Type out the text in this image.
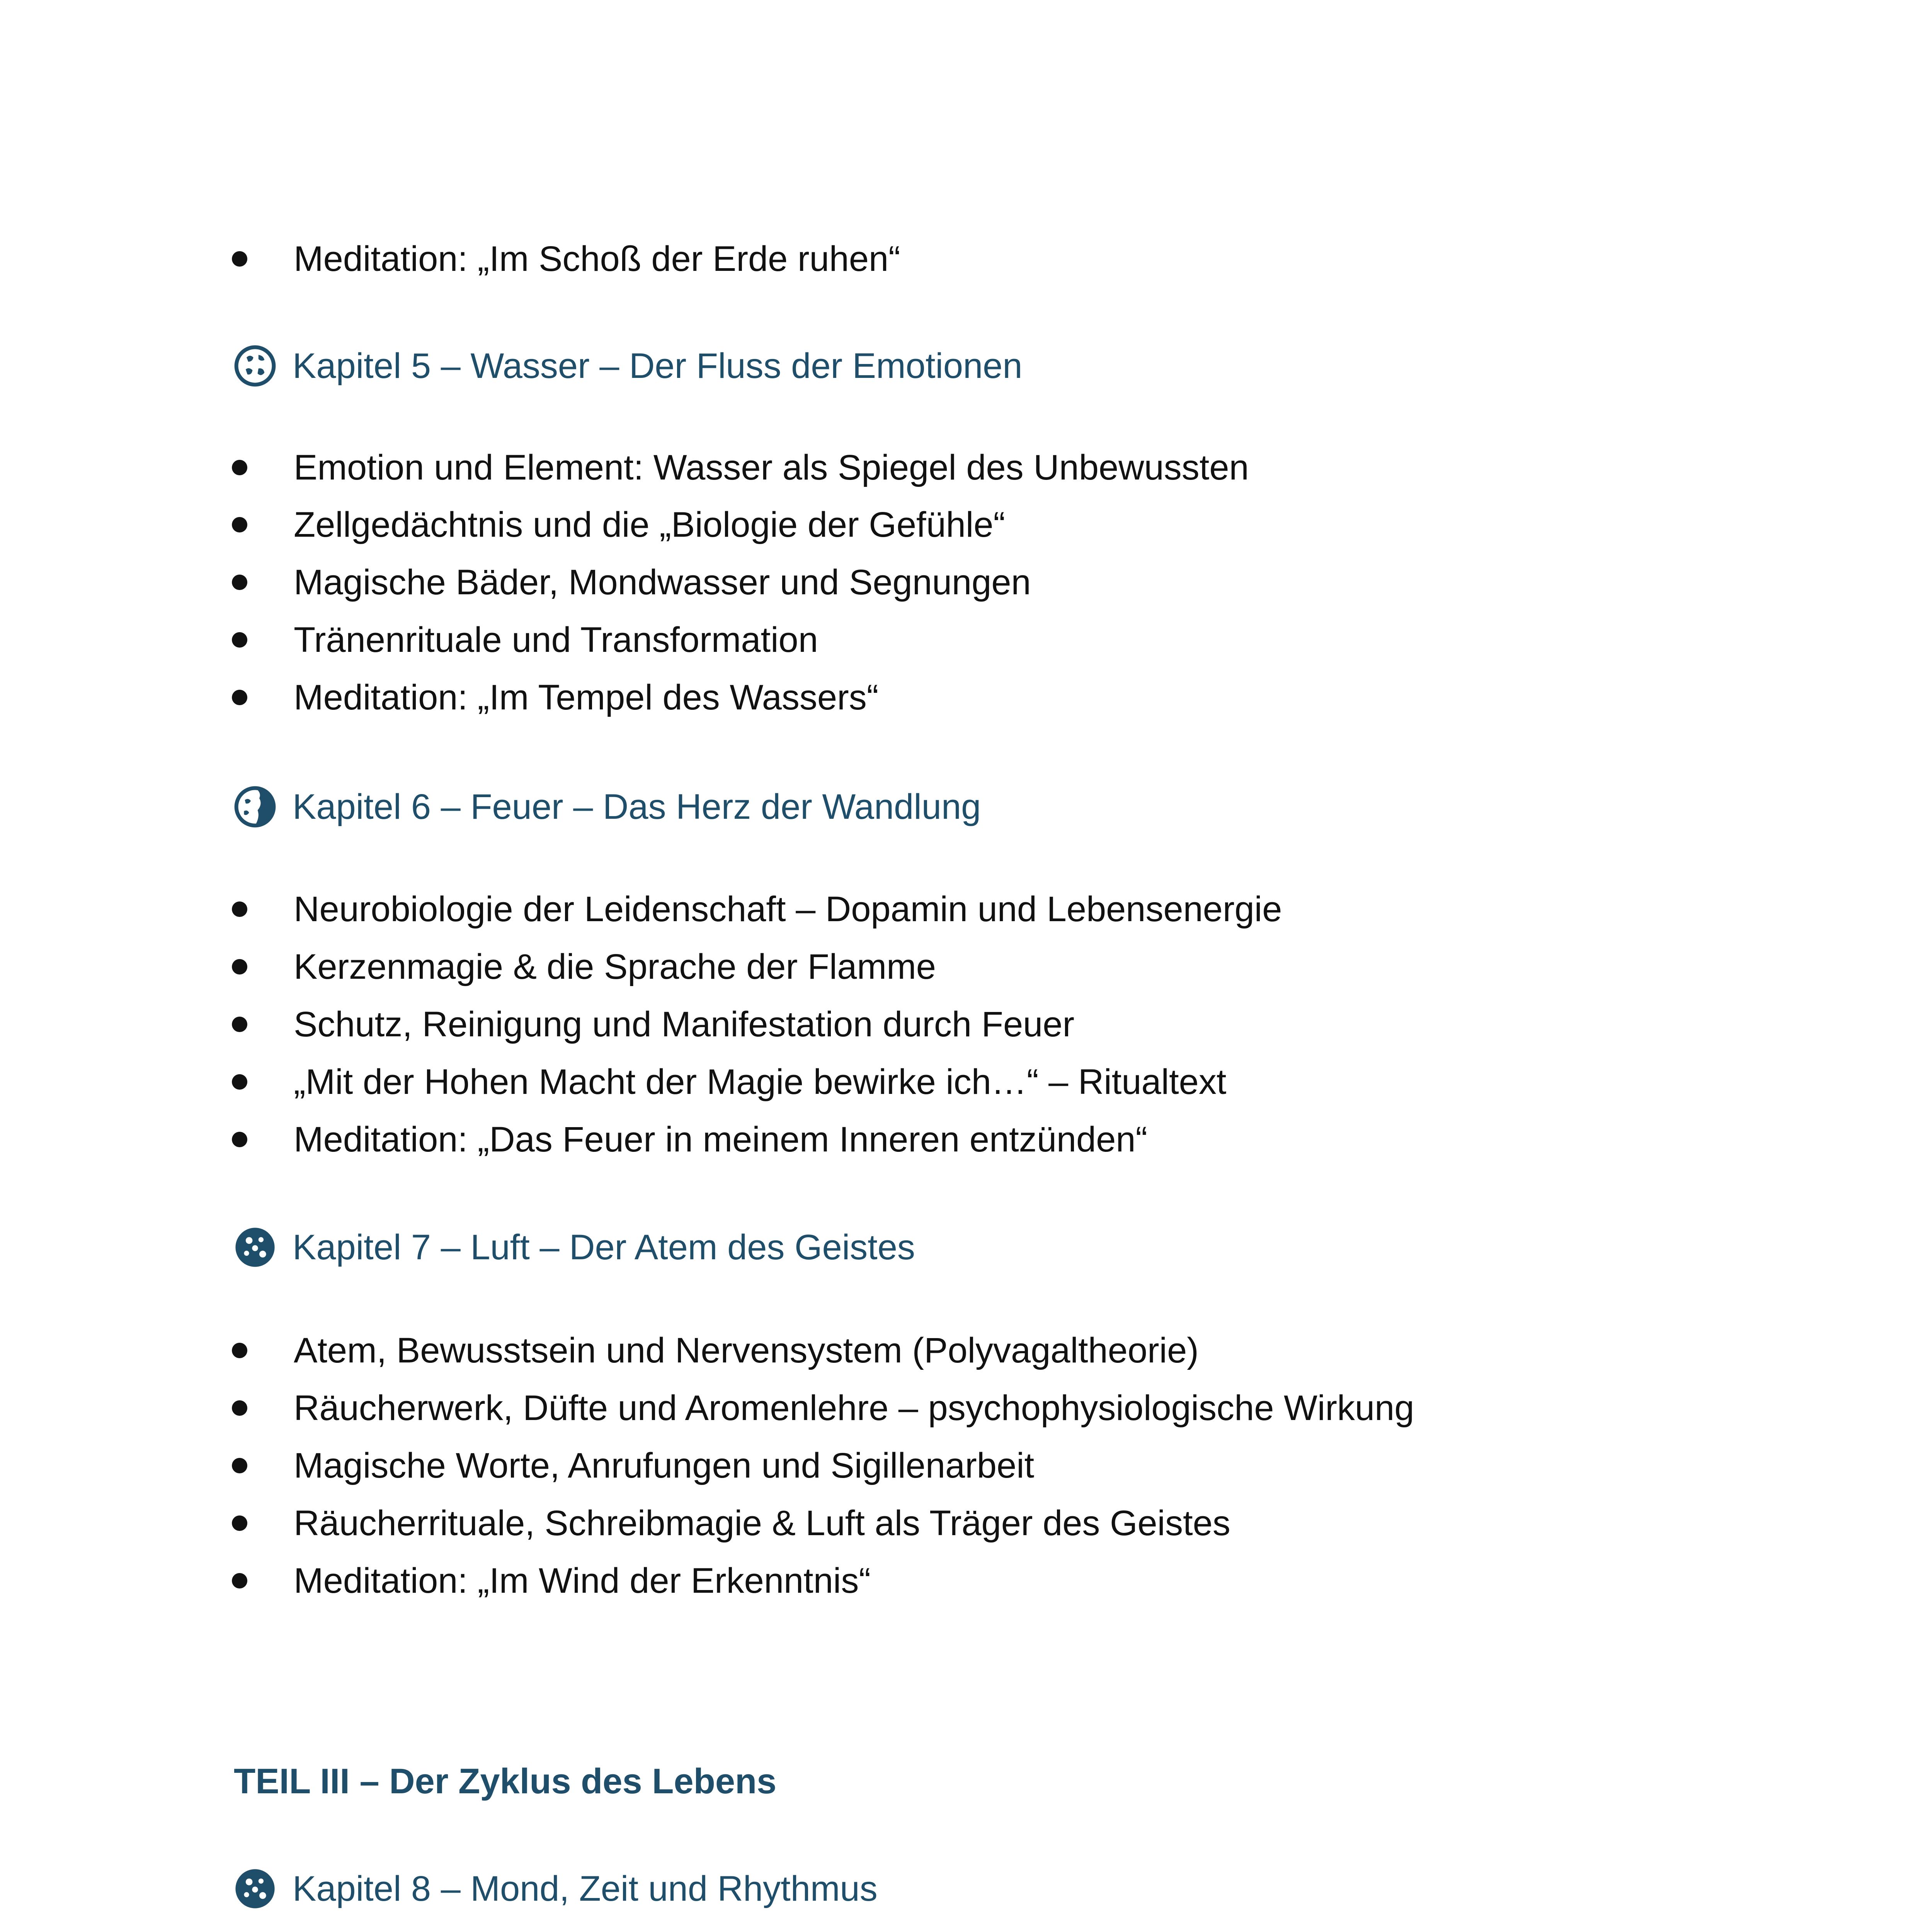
Meditation: „Im Schoß der Erde ruhen“
Kapitel 5 – Wasser – Der Fluss der Emotionen
Emotion und Element: Wasser als Spiegel des Unbewussten
Zellgedächtnis und die „Biologie der Gefühle“
Magische Bäder, Mondwasser und Segnungen
Tränenrituale und Transformation
Meditation: „Im Tempel des Wassers“
Kapitel 6 – Feuer – Das Herz der Wandlung
Neurobiologie der Leidenschaft – Dopamin und Lebensenergie
Kerzenmagie & die Sprache der Flamme
Schutz, Reinigung und Manifestation durch Feuer
„Mit der Hohen Macht der Magie bewirke ich…“ – Ritualtext
Meditation: „Das Feuer in meinem Inneren entzünden“
Kapitel 7 – Luft – Der Atem des Geistes
Atem, Bewusstsein und Nervensystem (Polyvagaltheorie)
Räucherwerk, Düfte und Aromenlehre – psychophysiologische Wirkung
Magische Worte, Anrufungen und Sigillenarbeit
Räucherrituale, Schreibmagie & Luft als Träger des Geistes
Meditation: „Im Wind der Erkenntnis“
TEIL III – Der Zyklus des Lebens
Kapitel 8 – Mond, Zeit und Rhythmus
